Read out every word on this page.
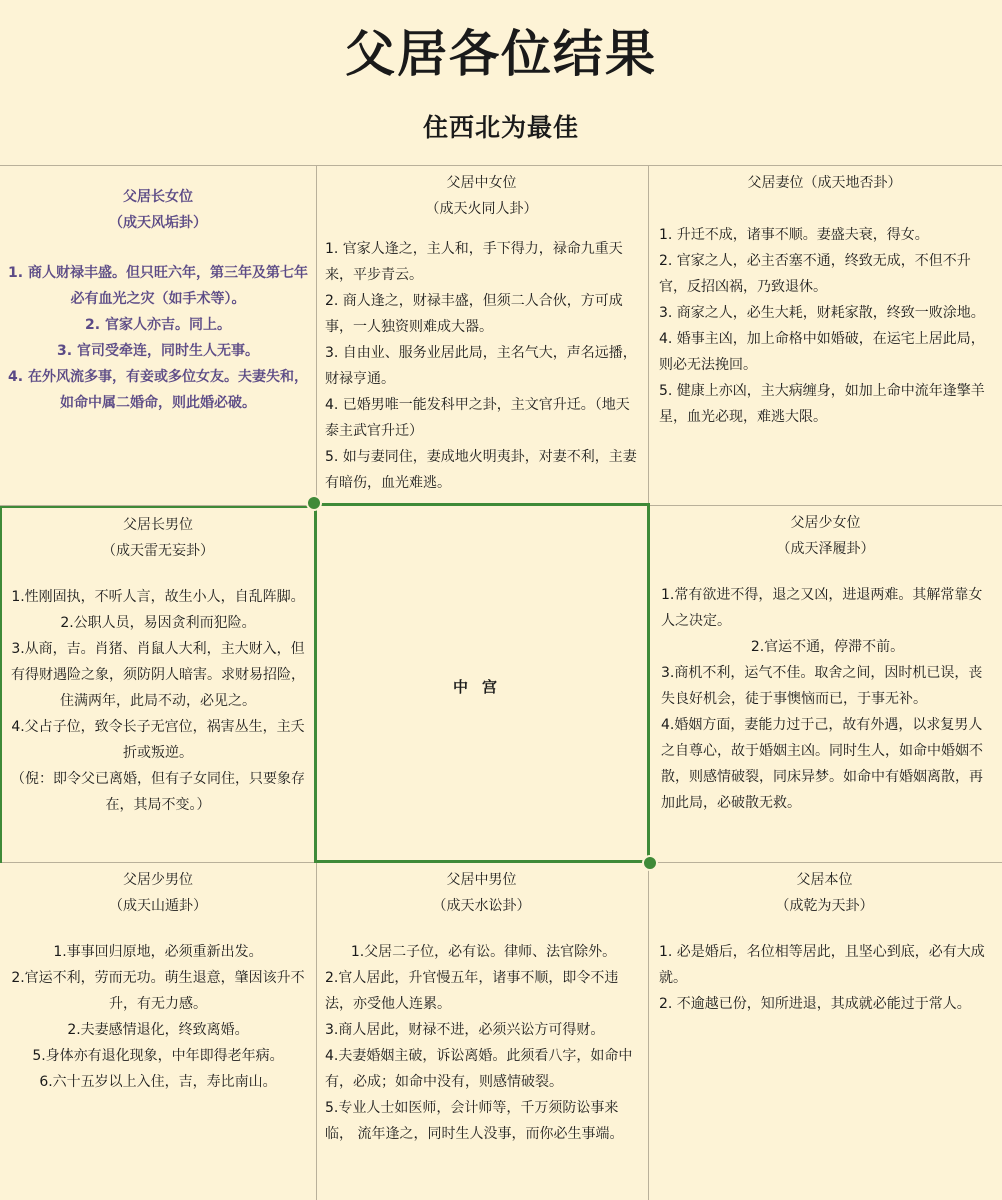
父居各位结果
住西北为最佳
父居长女位
（成天风垢卦）
1. 商人财禄丰盛。但只旺六年，第三年及第七年必有血光之灾（如手术等）。
2. 官家人亦吉。同上。
3. 官司受牵连，同时生人无事。
4. 在外风流多事，有妾或多位女友。夫妻失和，如命中属二婚命，则此婚必破。
父居中女位
（成天火同人卦）
1. 官家人逢之，主人和，手下得力，禄命九重天来，平步青云。
2. 商人逢之，财禄丰盛，但须二人合伙，方可成事，一人独资则难成大器。
3. 自由业、服务业居此局，主名气大，声名远播，财禄亨通。
4. 已婚男唯一能发科甲之卦，主文官升迁。（地天泰主武官升迁）
5. 如与妻同住，妻成地火明夷卦，对妻不利，主妻有暗伤，血光难逃。
父居妻位（成天地否卦）
1. 升迁不成，诸事不顺。妻盛夫衰，得女。
2. 官家之人，必主否塞不通，终致无成，不但不升官，反招凶祸，乃致退休。
3. 商家之人，必生大耗，财耗家散，终致一败涂地。
4. 婚事主凶，加上命格中如婚破，在运宅上居此局，则必无法挽回。
5. 健康上亦凶，主大病缠身，如加上命中流年逢擎羊星，血光必现，难逃大限。
父居长男位
（成天雷无妄卦）
1.性刚固执，不听人言，故生小人，自乱阵脚。
2.公职人员，易因贪利而犯险。
3.从商，吉。肖猪、肖鼠人大利，主大财入，但有得财遇险之象，须防阴人暗害。求财易招险，住满两年，此局不动，必见之。
4.父占子位，致令长子无宫位，祸害丛生，主夭折或叛逆。
（倪：即令父已离婚，但有子女同住，只要象存在，其局不变。）
中宫
父居少女位
（成天泽履卦）
1.常有欲进不得，退之又凶，进退两难。其解常靠女人之决定。
2.官运不通，停滞不前。
3.商机不利，运气不佳。取舍之间，因时机已误，丧失良好机会，徒于事懊恼而已，于事无补。
4.婚姻方面，妻能力过于己，故有外遇，以求复男人之自尊心，故于婚姻主凶。同时生人，如命中婚姻不散，则感情破裂，同床异梦。如命中有婚姻离散，再加此局，必破散无救。
父居少男位
（成天山遁卦）
1.事事回归原地，必须重新出发。
2.官运不利，劳而无功。萌生退意，肇因该升不升，有无力感。
2.夫妻感情退化，终致离婚。
5.身体亦有退化现象，中年即得老年病。
6.六十五岁以上入住，吉，寿比南山。
父居中男位
（成天水讼卦）
1.父居二子位，必有讼。律师、法官除外。
2.官人居此，升官慢五年，诸事不顺，即令不违法，亦受他人连累。
3.商人居此，财禄不进，必须兴讼方可得财。
4.夫妻婚姻主破，诉讼离婚。此须看八字，如命中有，必成；如命中没有，则感情破裂。
5.专业人士如医师，会计师等，千万须防讼事来临， 流年逢之，同时生人没事，而你必生事端。
父居本位
（成乾为天卦）
1. 必是婚后，名位相等居此，且坚心到底，必有大成就。
2. 不逾越已份，知所进退，其成就必能过于常人。
